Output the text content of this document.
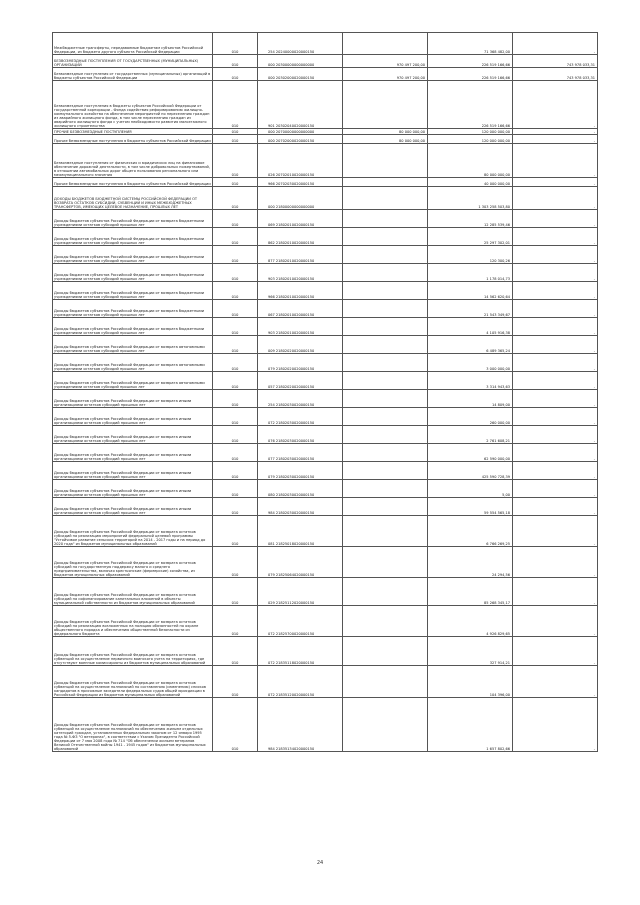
Межбюджетные трансферты, передаваемые бюджетам субъектов Российской Федерации, из бюджета другого субъекта Российской Федерации	010	254 20240000020000150		71 368 482,00	-
БЕЗВОЗМЕЗДНЫЕ ПОСТУПЛЕНИЯ ОТ ГОСУДАРСТВЕННЫХ (МУНИЦИПАЛЬНЫХ) ОРГАНИЗАЦИЙ	010	000 20300000000000000	970 497 200,00	226 519 166,66	743 978 033,31
Безвозмездные поступления от государственных (муниципальных) организаций в бюджеты субъектов Российской Федерации	010	000 20302000020000150	970 497 200,00	226 519 166,66	743 978 033,31
Безвозмездные поступления в бюджеты субъектов Российской Федерации от государственной корпорации - Фонда содействия реформированию жилищно-коммунального хозяйства на обеспечение мероприятий по переселению граждан из аварийного жилищного фонда, в том числе переселению граждан из аварийного жилищного фонда с учетом необходимости развития малоэтажного жилищного строительства	010	901 20302040020000150		226 519 166,66	-
ПРОЧИЕ БЕЗВОЗМЕЗДНЫЕ ПОСТУПЛЕНИЯ	010	000 20700000000000000	80 000 000,00	120 000 000,00	-
Прочие безвозмездные поступления в бюджеты субъектов Российской Федерации	010	000 20702000020000150	80 000 000,00	120 000 000,00	-
Безвозмездные поступления от физических и юридических лиц на финансовое обеспечение дорожной деятельности, в том числе добровольных пожертвований, в отношении автомобильных дорог общего пользования регионального или межмуниципального значения	010	026 20702010020000150		80 000 000,00	-
Прочие безвозмездные поступления в бюджеты субъектов Российской Федерации	010	966 20702030020000150		40 000 000,00	-
ДОХОДЫ БЮДЖЕТОВ БЮДЖЕТНОЙ СИСТЕМЫ РОССИЙСКОЙ ФЕДЕРАЦИИ ОТ ВОЗВРАТА ОСТАТКОВ СУБСИДИЙ, СУБВЕНЦИЙ И ИНЫХ МЕЖБЮДЖЕТНЫХ ТРАНСФЕРТОВ, ИМЕЮЩИХ ЦЕЛЕВОЕ НАЗНАЧЕНИЕ, ПРОШЛЫХ ЛЕТ	010	000 21800000000000000		1 303 258 503,80	-
Доходы бюджетов субъектов Российской Федерации от возврата бюджетными учреждениями остатков субсидий прошлых лет	010	069 21802010020000150		12 285 539,46	-
Доходы бюджетов субъектов Российской Федерации от возврата бюджетными учреждениями остатков субсидий прошлых лет	010	862 21802010020000150		25 297 302,01	-
Доходы бюджетов субъектов Российской Федерации от возврата бюджетными учреждениями остатков субсидий прошлых лет	010	877 21802010020000150		120 300,26	-
Доходы бюджетов субъектов Российской Федерации от возврата бюджетными учреждениями остатков субсидий прошлых лет	010	903 21802010020000150		1 178 014,73	-
Доходы бюджетов субъектов Российской Федерации от возврата бюджетными учреждениями остатков субсидий прошлых лет	010	966 21802010020000150		14 562 620,64	-
Доходы бюджетов субъектов Российской Федерации от возврата бюджетными учреждениями остатков субсидий прошлых лет	010	067 21802010020000150		21 543 349,67	-
Доходы бюджетов субъектов Российской Федерации от возврата бюджетными учреждениями остатков субсидий прошлых лет	010	903 21802010020000150		4 105 916,38	-
Доходы бюджетов субъектов Российской Федерации от возврата автономными учреждениями остатков субсидий прошлых лет	010	009 21802020020000150		6 489 365,24	-
Доходы бюджетов субъектов Российской Федерации от возврата автономными учреждениями остатков субсидий прошлых лет	010	079 21802020020000150		3 000 000,00	-
Доходы бюджетов субъектов Российской Федерации от возврата автономными учреждениями остатков субсидий прошлых лет	010	057 21802020020000150		3 314 943,63	-
Доходы бюджетов субъектов Российской Федерации от возврата иными организациями остатков субсидий прошлых лет	010	254 21802030020000150		14 809,00	-
Доходы бюджетов субъектов Российской Федерации от возврата иными организациями остатков субсидий прошлых лет	010	072 21802030020000150		260 000,00	-
Доходы бюджетов субъектов Российской Федерации от возврата иными организациями остатков субсидий прошлых лет	010	076 21802030020000150		2 761 608,21	-
Доходы бюджетов субъектов Российской Федерации от возврата иными организациями остатков субсидий прошлых лет	010	077 21802030020000150		62 590 000,00	-
Доходы бюджетов субъектов Российской Федерации от возврата иными организациями остатков субсидий прошлых лет	010	079 21802030020000150		425 590 728,39	-
Доходы бюджетов субъектов Российской Федерации от возврата иными организациями остатков субсидий прошлых лет	010	080 21802030020000150		5,00	-
Доходы бюджетов субъектов Российской Федерации от возврата иными организациями остатков субсидий прошлых лет	010	984 21802030020000150		59 554 565,18	-
Доходы бюджетов субъектов Российской Федерации от возврата остатков субсидий на реализацию мероприятий федеральной целевой программы "Устойчивое развитие сельских территорий на 2014 - 2017 годы и на период до 2020 года" из бюджетов муниципальных образований	010	081 21825018020000150		6 766 269,25	-
Доходы бюджетов субъектов Российской Федерации от возврата остатков субсидий на государственную поддержку малого и среднего предпринимательства, включая крестьянские (фермерские) хозяйства, из бюджетов муниципальных образований	010	079 21825064020000150		24 294,56	-
Доходы бюджетов субъектов Российской Федерации от возврата остатков субсидий на софинансирование капитальных вложений в объекты муниципальной собственности из бюджетов муниципальных образований	010	029 21825112020000150		85 268 345,17	-
Доходы бюджетов субъектов Российской Федерации от возврата остатков субсидий на реализацию возложенных на полицию обязанностей по охране общественного порядка и обеспечению общественной безопасности из федерального бюджета	010	072 21825700020000150		4 926 829,65	-
Доходы бюджетов субъектов Российской Федерации от возврата остатков субвенций на осуществление первичного воинского учета на территориях, где отсутствуют военные комиссариаты из бюджетов муниципальных образований	010	072 21835118020000150		327 914,21	-
Доходы бюджетов субъектов Российской Федерации от возврата остатков субвенций на осуществление полномочий по составлению (изменению) списков кандидатов в присяжные заседатели федеральных судов общей юрисдикции в Российской Федерации из бюджетов муниципальных образований	010	072 21835120020000150		104 396,00	-
Доходы бюджетов субъектов Российской Федерации от возврата остатков субвенций на осуществление полномочий по обеспечению жильем отдельных категорий граждан, установленных Федеральным законом от 12 января 1995 года № 5-ФЗ "О ветеранах", в соответствии с Указом Президента Российской Федерации от 7 мая 2008 года № 714 "Об обеспечении жильем ветеранов Великой Отечественной войны 1941 - 1945 годов" из бюджетов муниципальных образований	010	984 21835134020000150		1 657 802,66	-
24
